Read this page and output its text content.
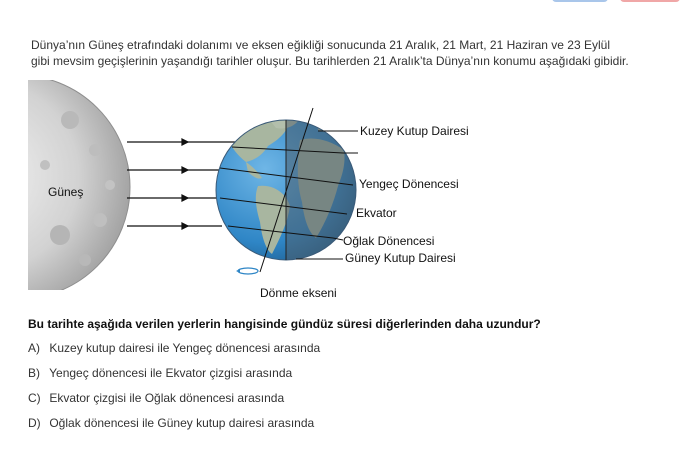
Dünya’nın Güneş etrafındaki dolanımı ve eksen eğikliği sonucunda 21 Aralık, 21 Mart, 21 Haziran ve 23 Eylül

gibi mevsim geçişlerinin yaşandığı tarihler oluşur. Bu tarihlerden 21 Aralık’ta Dünya’nın konumu aşağıdaki gibidir.

Güneş
Kuzey Kutup Dairesi
Yengeç Dönencesi
Ekvator
Oğlak Dönencesi
Güney Kutup Dairesi
Dönme ekseni

Bu tarihte aşağıda verilen yerlerin hangisinde gündüz süresi diğerlerinden daha uzundur?

A) Kuzey kutup dairesi ile Yengeç dönencesi arasında
B) Yengeç dönencesi ile Ekvator çizgisi arasında
C) Ekvator çizgisi ile Oğlak dönencesi arasında
D) Oğlak dönencesi ile Güney kutup dairesi arasında
